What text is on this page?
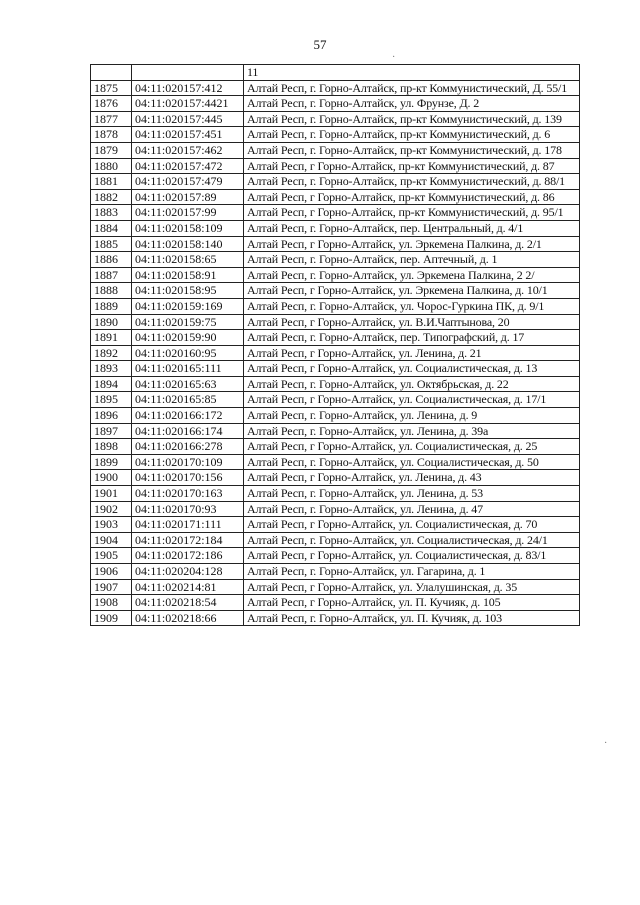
57
		11
1875	04:11:020157:412	Алтай Респ, г. Горно-Алтайск, пр-кт Коммунистический, Д. 55/1
1876	04:11:020157:4421	Алтай Респ, г. Горно-Алтайск, ул. Фрунзе, Д. 2
1877	04:11:020157:445	Алтай Респ, г. Горно-Алтайск, пр-кт Коммунистический, д. 139
1878	04:11:020157:451	Алтай Респ, г. Горно-Алтайск, пр-кт Коммунистический, д. 6
1879	04:11:020157:462	Алтай Респ, г. Горно-Алтайск, пр-кт Коммунистический, д. 178
1880	04:11:020157:472	Алтай Респ, г Горно-Алтайск, пр-кт Коммунистический, д. 87
1881	04:11:020157:479	Алтай Респ, г. Горно-Алтайск, пр-кт Коммунистический, д. 88/1
1882	04:11:020157:89	Алтай Респ, г Горно-Алтайск, пр-кт Коммунистический, д. 86
1883	04:11:020157:99	Алтай Респ, г Горно-Алтайск, пр-кт Коммунистический, д. 95/1
1884	04:11:020158:109	Алтай Респ, г. Горно-Алтайск, пер. Центральный, д. 4/1
1885	04:11:020158:140	Алтай Респ, г Горно-Алтайск, ул. Эркемена Палкина, д. 2/1
1886	04:11:020158:65	Алтай Респ, г. Горно-Алтайск, пер. Аптечный, д. 1
1887	04:11:020158:91	Алтай Респ, г. Горно-Алтайск, ул. Эркемена Палкина, 2 2/
1888	04:11:020158:95	Алтай Респ, г Горно-Алтайск, ул. Эркемена Палкина, д. 10/1
1889	04:11:020159:169	Алтай Респ, г. Горно-Алтайск, ул. Чорос-Гуркина ПК, д. 9/1
1890	04:11:020159:75	Алтай Респ, г Горно-Алтайск, ул. В.И.Чаптынова, 20
1891	04:11:020159:90	Алтай Респ, г. Горно-Алтайск, пер. Типографский, д. 17
1892	04:11:020160:95	Алтай Респ, г Горно-Алтайск, ул. Ленина, д. 21
1893	04:11:020165:111	Алтай Респ, г Горно-Алтайск, ул. Социалистическая, д. 13
1894	04:11:020165:63	Алтай Респ, г. Горно-Алтайск, ул. Октябрьская, д. 22
1895	04:11:020165:85	Алтай Респ, г Горно-Алтайск, ул. Социалистическая, д. 17/1
1896	04:11:020166:172	Алтай Респ, г. Горно-Алтайск, ул. Ленина, д. 9
1897	04:11:020166:174	Алтай Респ, г. Горно-Алтайск, ул. Ленина, д. 39а
1898	04:11:020166:278	Алтай Респ, г Горно-Алтайск, ул. Социалистическая, д. 25
1899	04:11:020170:109	Алтай Респ, г. Горно-Алтайск, ул. Социалистическая, д. 50
1900	04:11:020170:156	Алтай Респ, г Горно-Алтайск, ул. Ленина, д. 43
1901	04:11:020170:163	Алтай Респ, г. Горно-Алтайск, ул. Ленина, д. 53
1902	04:11:020170:93	Алтай Респ, г. Горно-Алтайск, ул. Ленина, д. 47
1903	04:11:020171:111	Алтай Респ, г Горно-Алтайск, ул. Социалистическая, д. 70
1904	04:11:020172:184	Алтай Респ, г. Горно-Алтайск, ул. Социалистическая, д. 24/1
1905	04:11:020172:186	Алтай Респ, г Горно-Алтайск, ул. Социалистическая, д. 83/1
1906	04:11:020204:128	Алтай Респ, г. Горно-Алтайск, ул. Гагарина, д. 1
1907	04:11:020214:81	Алтай Респ, г Горно-Алтайск, ул. Улалушинская, д. 35
1908	04:11:020218:54	Алтай Респ, г Горно-Алтайск, ул. П. Кучияк, д. 105
1909	04:11:020218:66	Алтай Респ, г. Горно-Алтайск, ул. П. Кучияк, д. 103
·
·
